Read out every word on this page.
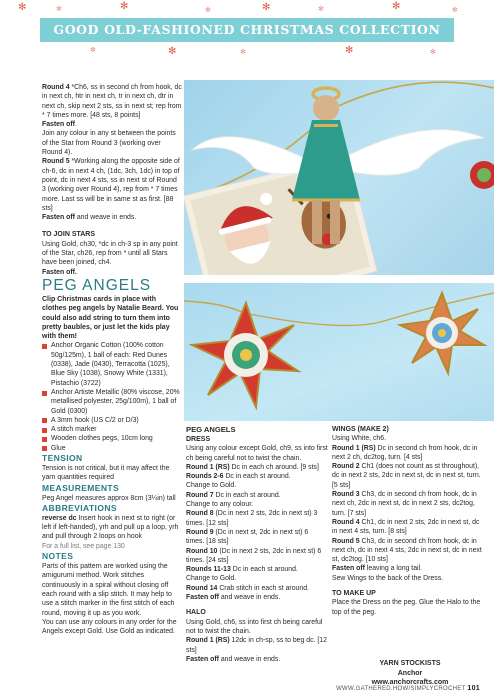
GOOD OLD-FASHIONED CHRISTMAS COLLECTION
✻	✻	✻	✻	✻	✻	✻	✻
✻	✻	✻	✻	✻

Round 4 *Ch6, ss in second ch from hook, dc in next ch, htr in next ch, tr in next ch, dtr in next ch, skip next 2 sts, ss in next st; rep from * 7 times more. [48 sts, 8 points]

Fasten off.

Join any colour in any st between the points of the Star from Round 3 (working over Round 4).

Round 5 *Working along the opposite side of ch-6, dc in next 4 ch, (1dc, 3ch, 1dc) in top of point, dc in next 4 sts, ss in next st of Round 3 (working over Round 4), rep from * 7 times more. Last ss will be in same st as first. [88 sts]

Fasten off and weave in ends.

TO JOIN STARS

Using Gold, ch30, *dc in ch-3 sp in any point of the Star, ch26, rep from * until all Stars have been joined, ch4.

Fasten off.

PEG ANGELS

Clip Christmas cards in place with clothes peg angels by Natalie Beard. You could also add string to turn them into pretty baubles, or just let the kids play with them!

Anchor Organic Cotton (100% cotton 50g/125m), 1 ball of each: Red Dunes (0338), Jade (0430), Terracotta (1025), Blue Sky (1038), Snowy White (1331), Pistachio (3722)
Anchor Artiste Metallic (80% viscose, 20% metallised polyester, 25g/100m), 1 ball of Gold (0300)
A 3mm hook (US C/2 or D/3)
A stitch marker
Wooden clothes pegs, 10cm long
Glue

TENSION

Tension is not critical, but it may affect the yarn quantities required

MEASUREMENTS

Peg Angel measures approx 8cm (3¼in) tall

ABBREVIATIONS

reverse dc Insert hook in next st to right (or left if left-handed), yrh and pull up a loop, yrh and pull through 2 loops on hook

For a full list, see page 130

NOTES

Parts of this pattern are worked using the amigurumi method. Work stitches continuously in a spiral without closing off each round with a slip stitch. It may help to use a stitch marker in the first stitch of each round, moving it up as you work.

You can use any colours in any order for the Angels except Gold. Use Gold as indicated.

PEG ANGELS

DRESS

Using any colour except Gold, ch9, ss into first ch being careful not to twist the chain.

Round 1 (RS) Dc in each ch around. [9 sts]

Rounds 2-6 Dc in each st around.

Change to Gold.

Round 7 Dc in each st around.

Change to any colour.

Round 8 (Dc in next 2 sts, 2dc in next st) 3 times. [12 sts]

Round 9 (Dc in next st, 2dc in next st) 6 times. [18 sts]

Round 10 (Dc in next 2 sts, 2dc in next st) 6 times. [24 sts]

Rounds 11-13 Dc in each st around.

Change to Gold.

Round 14 Crab stitch in each st around.

Fasten off and weave in ends.

HALO

Using Gold, ch6, ss into first ch being careful not to twist the chain.

Round 1 (RS) 12dc in ch-sp, ss to beg dc. [12 sts]

Fasten off and weave in ends.

WINGS (MAKE 2)

Using White, ch6.

Round 1 (RS) Dc in second ch from hook, dc in next 2 ch, dc2tog, turn. [4 sts]

Round 2 Ch1 (does not count as st throughout), dc in next 2 sts, 2dc in next st, dc in next st, turn. [5 sts]

Round 3 Ch3, dc in second ch from hook, dc in next ch, 2dc in next st, dc in next 2 sts, dc2tog, turn. [7 sts]

Round 4 Ch1, dc in next 2 sts, 2dc in next st, dc in next 4 sts, turn. [8 sts]

Round 5 Ch3, dc in second ch from hook, dc in next ch, dc in next 4 sts, 2dc in next st, dc in next st, dc2tog. [10 sts]

Fasten off leaving a long tail.

Sew Wings to the back of the Dress.

TO MAKE UP

Place the Dress on the peg. Glue the Halo to the top of the peg.

YARN STOCKISTS

Anchor

www.anchorcrafts.com

WWW.GATHERED.HOW/SIMPLYCROCHET 101
